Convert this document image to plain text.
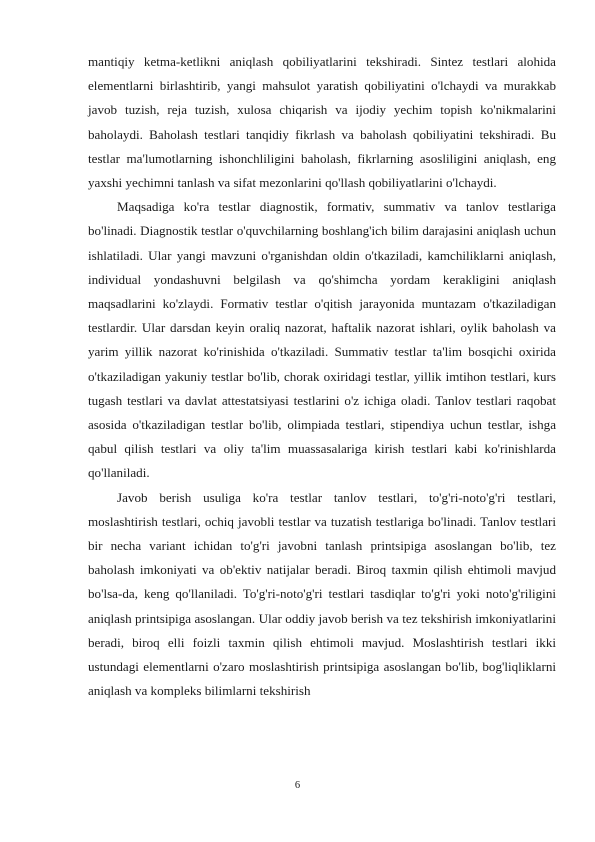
mantiqiy ketma-ketlikni aniqlash qobiliyatlarini tekshiradi. Sintez testlari alohida elementlarni birlashtirib, yangi mahsulot yaratish qobiliyatini o'lchaydi va murakkab javob tuzish, reja tuzish, xulosa chiqarish va ijodiy yechim topish ko'nikmalarini baholaydi. Baholash testlari tanqidiy fikrlash va baholash qobiliyatini tekshiradi. Bu testlar ma'lumotlarning ishonchliligini baholash, fikrlarning asosliligini aniqlash, eng yaxshi yechimni tanlash va sifat mezonlarini qo'llash qobiliyatlarini o'lchaydi.

Maqsadiga ko'ra testlar diagnostik, formativ, summativ va tanlov testlariga bo'linadi. Diagnostik testlar o'quvchilarning boshlang'ich bilim darajasini aniqlash uchun ishlatiladi. Ular yangi mavzuni o'rganishdan oldin o'tkaziladi, kamchiliklarni aniqlash, individual yondashuvni belgilash va qo'shimcha yordam kerakligini aniqlash maqsadlarini ko'zlaydi. Formativ testlar o'qitish jarayonida muntazam o'tkaziladigan testlardir. Ular darsdan keyin oraliq nazorat, haftalik nazorat ishlari, oylik baholash va yarim yillik nazorat ko'rinishida o'tkaziladi. Summativ testlar ta'lim bosqichi oxirida o'tkaziladigan yakuniy testlar bo'lib, chorak oxiridagi testlar, yillik imtihon testlari, kurs tugash testlari va davlat attestatsiyasi testlarini o'z ichiga oladi. Tanlov testlari raqobat asosida o'tkaziladigan testlar bo'lib, olimpiada testlari, stipendiya uchun testlar, ishga qabul qilish testlari va oliy ta'lim muassasalariga kirish testlari kabi ko'rinishlarda qo'llaniladi.

Javob berish usuliga ko'ra testlar tanlov testlari, to'g'ri-noto'g'ri testlari, moslashtirish testlari, ochiq javobli testlar va tuzatish testlariga bo'linadi. Tanlov testlari bir necha variant ichidan to'g'ri javobni tanlash printsipiga asoslangan bo'lib, tez baholash imkoniyati va ob'ektiv natijalar beradi. Biroq taxmin qilish ehtimoli mavjud bo'lsa-da, keng qo'llaniladi. To'g'ri-noto'g'ri testlari tasdiqlar to'g'ri yoki noto'g'riligini aniqlash printsipiga asoslangan. Ular oddiy javob berish va tez tekshirish imkoniyatlarini beradi, biroq elli foizli taxmin qilish ehtimoli mavjud. Moslashtirish testlari ikki ustundagi elementlarni o'zaro moslashtirish printsipiga asoslangan bo'lib, bog'liqliklarni aniqlash va kompleks bilimlarni tekshirish

6
